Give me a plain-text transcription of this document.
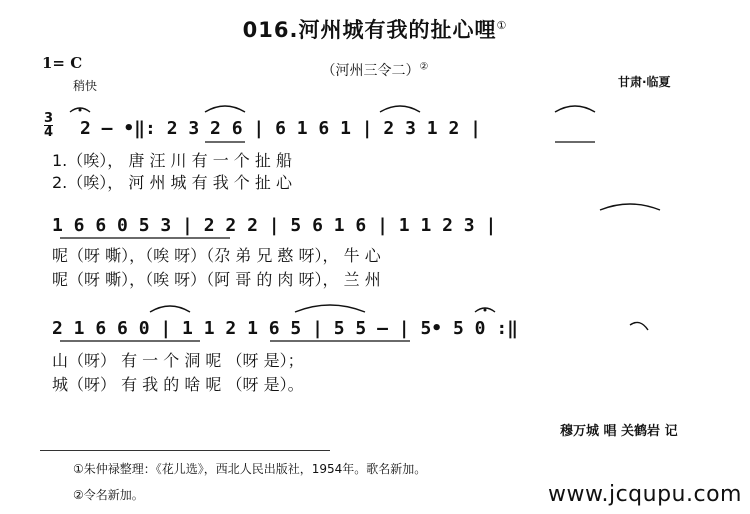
016.河州城有我的扯心哩①
（河州三令二）②
1= C
稍快	甘肃·临夏
3
4 2 — •‖: 2 3 2 6 | 6 1 6 1 | 2 3 1 2 |
1.（唉）， 唐 汪 川 有 一 个 扯 船
2.（唉）， 河 州 城 有 我 个 扯 心
1 6 6 0 5 3 | 2 2 2 | 5 6 1 6 | 1 1 2 3 |
呢（呀 嘶），（唉 呀）（尕 弟 兄 憨 呀）， 牛 心
呢（呀 嘶），（唉 呀）（阿 哥 的 肉 呀）， 兰 州
2 1 6 6 0 | 1 1 2 1 6 5 | 5 5 — | 5• 5 0 :‖
山（呀） 有 一 个 洞 呢 （呀 是）；
城（呀） 有 我 的 啥 呢 （呀 是）。
穆万城 唱 关鹤岩 记
①朱仲禄整理：《花儿选》，西北人民出版社，1954年。歌名新加。
②令名新加。	www.jcqupu.com
